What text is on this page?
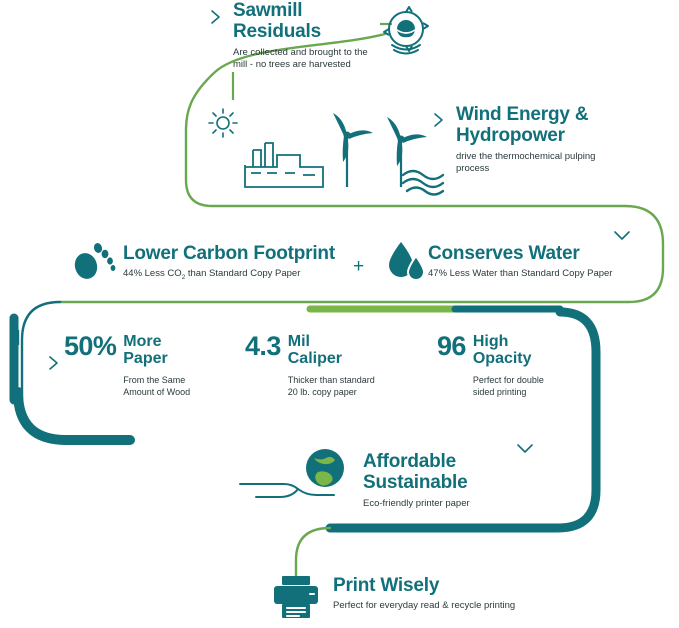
Sawmill Residuals
Are collected and brought to the mill - no trees are harvested
Wind Energy & Hydropower
drive the thermochemical pulping process
Lower Carbon Footprint
44% Less $CO_2$ than Standard Copy Paper	+
Conserves Water
47% Less Water than Standard Copy Paper
50% More
Paper
From the Same
Amount of Wood
4.3 Mil
Caliper
Thicker than standard
20 lb. copy paper
96 High
Opacity
Perfect for double
sided printing
Affordable
Sustainable
Eco-friendly printer paper
Print Wisely
Perfect for everyday read & recycle printing
